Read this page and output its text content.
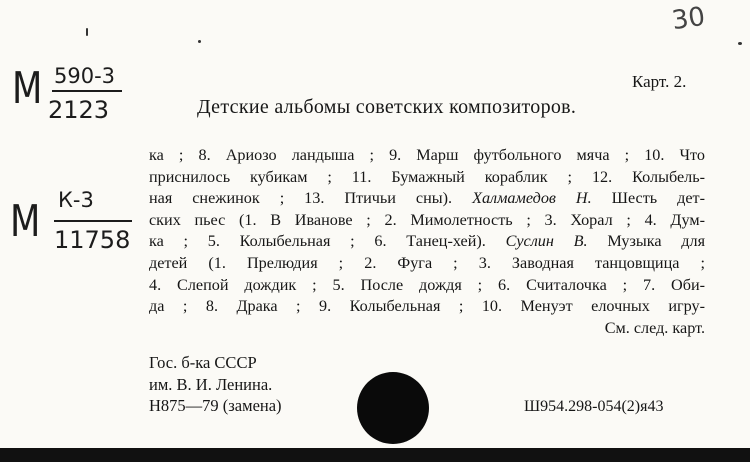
30
М 590-3
2123
М К-3
11758
Карт. 2.
Детские альбомы советских композиторов.
ка ; 8. Ариозо ландыша ; 9. Марш футбольного мяча ; 10. Что
приснилось кубикам ; 11. Бумажный кораблик ; 12. Колыбель-
ная снежинок ; 13. Птичьи сны). Халмамедов Н. Шесть дет-
ских пьес (1. В Иванове ; 2. Мимолетность ; 3. Хорал ; 4. Дум-
ка ; 5. Колыбельная ; 6. Танец-хей). Суслин В. Музыка для
детей (1. Прелюдия ; 2. Фуга ; 3. Заводная танцовщица ;
4. Слепой дождик ; 5. После дождя ; 6. Считалочка ; 7. Оби-
да ; 8. Драка ; 9. Колыбельная ; 10. Менуэт елочных игру-
См. след. карт.
Гос. б-ка СССР
им. В. И. Ленина.
Н875—79 (замена)	Ш954.298-054(2)я43
